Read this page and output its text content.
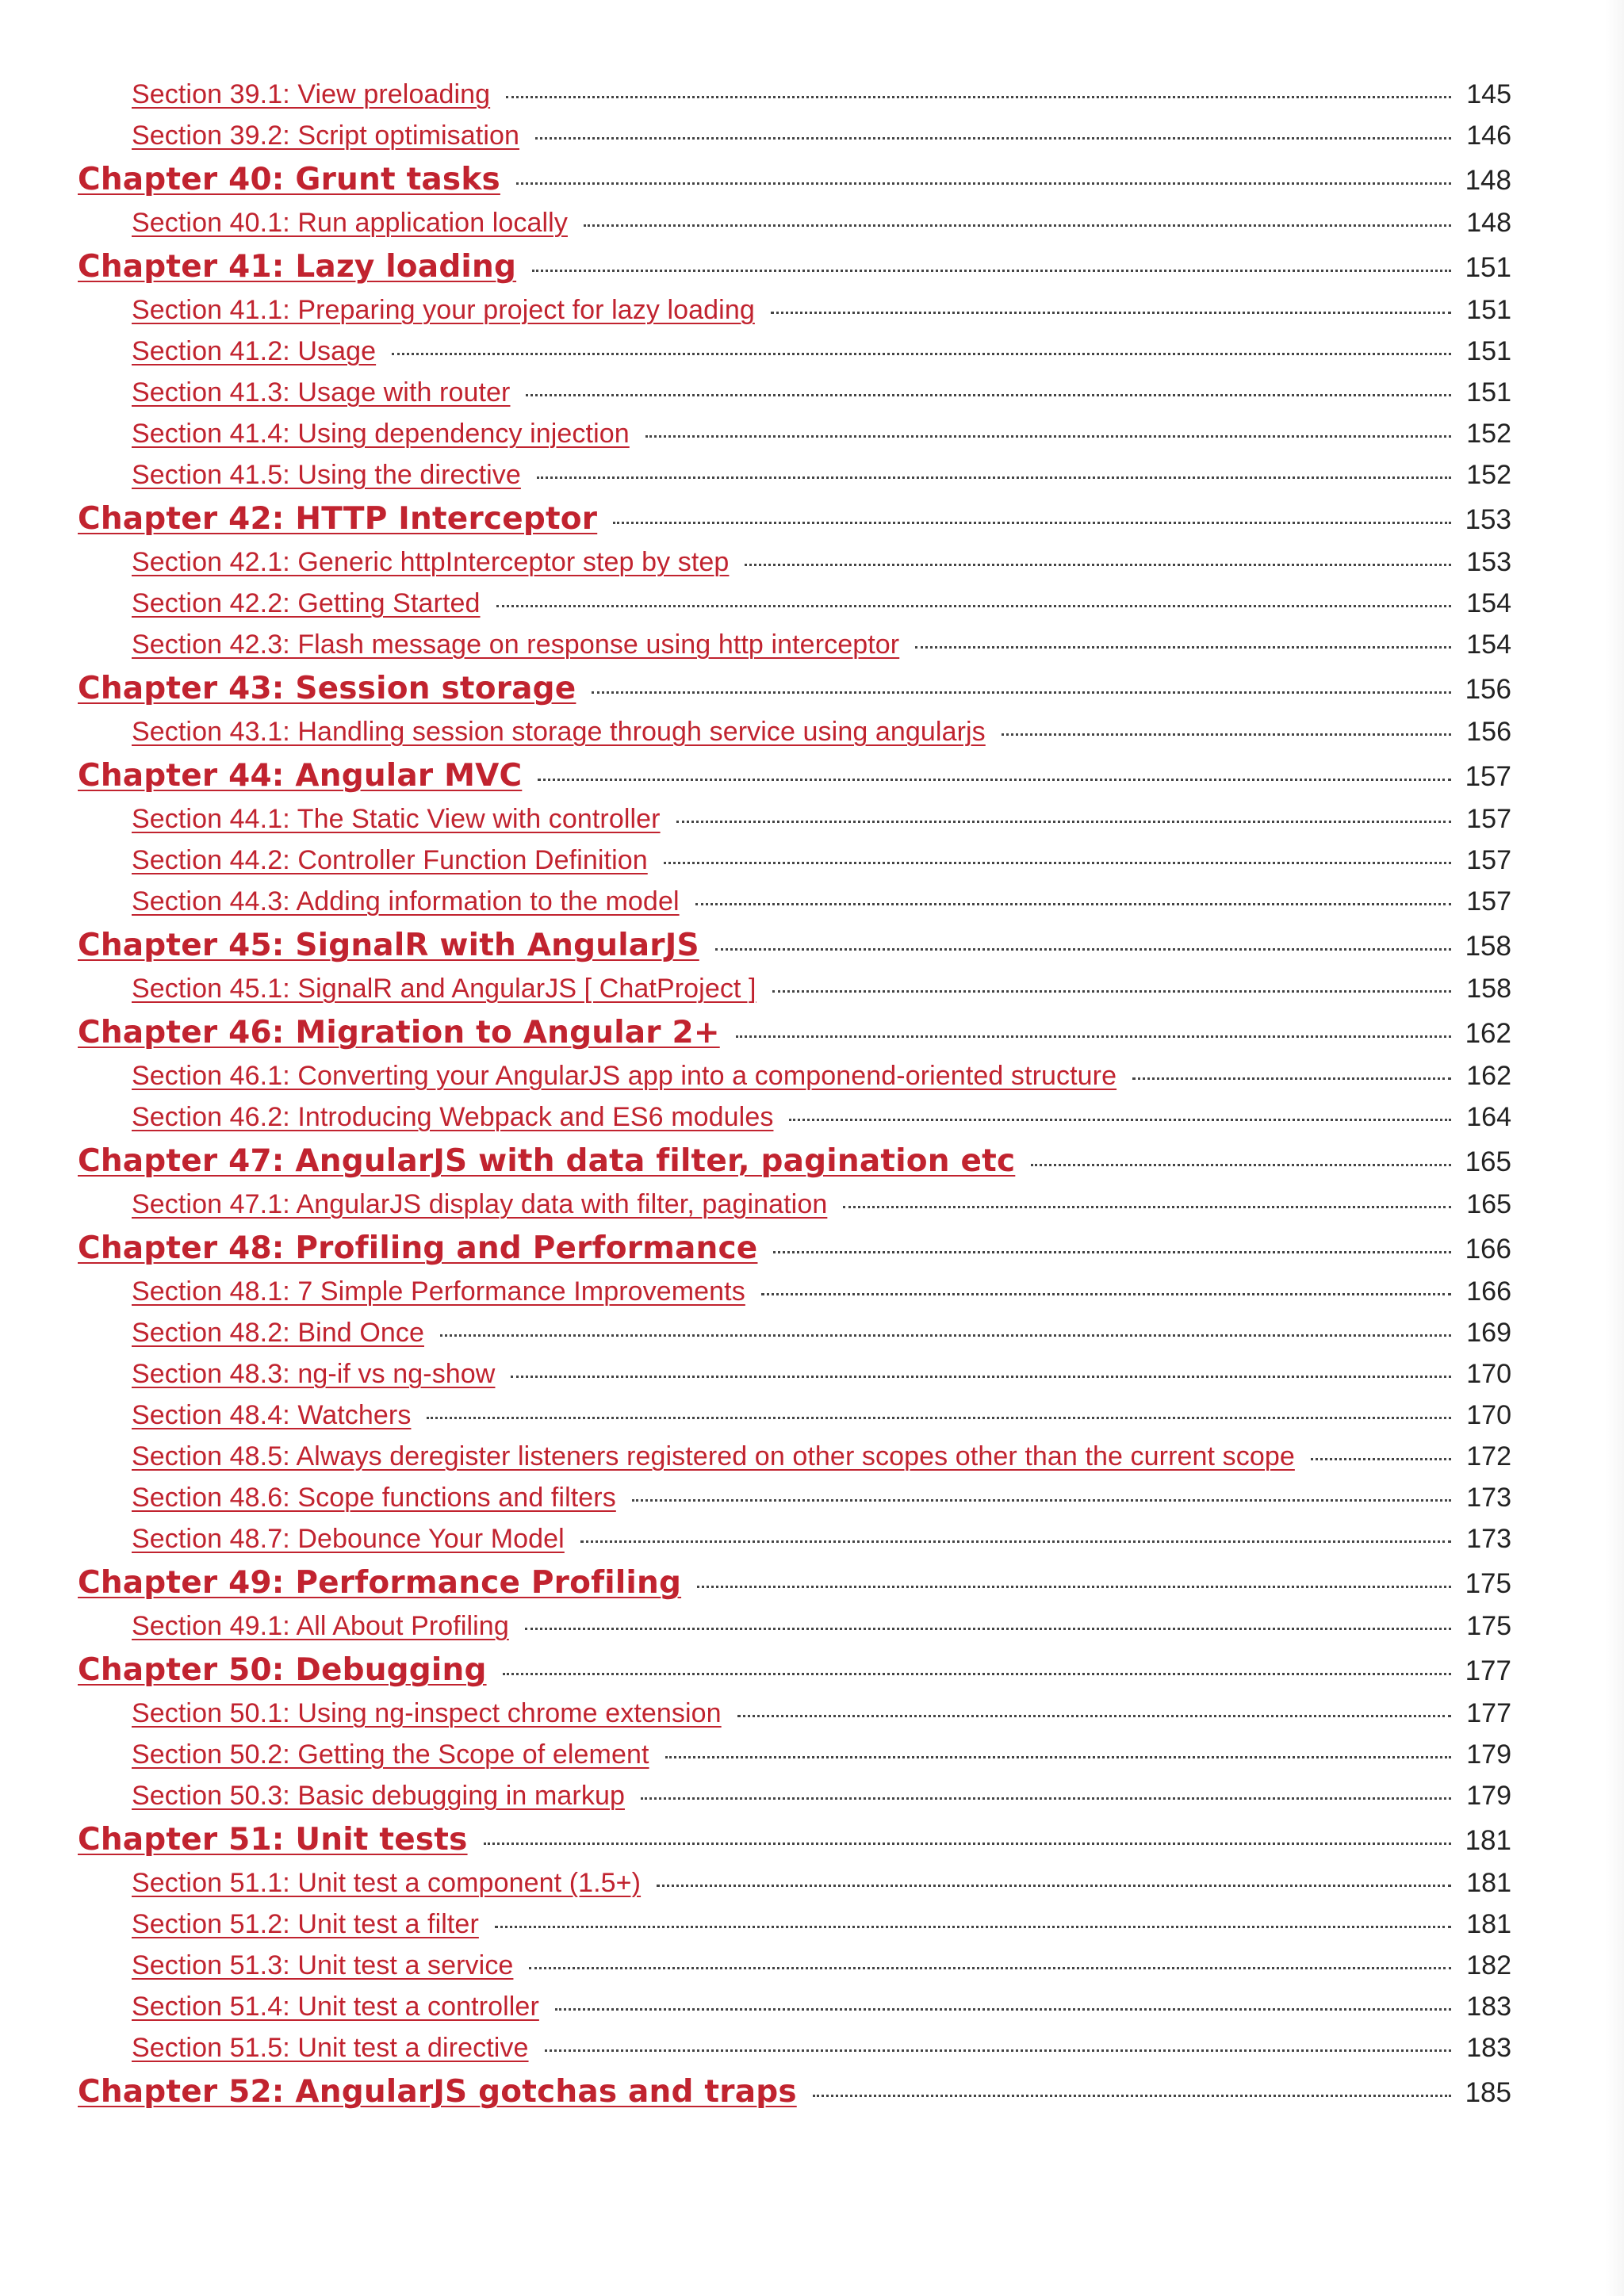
Section 39.1: View preloading	145
Section 39.2: Script optimisation	146
Chapter 40: Grunt tasks	148
Section 40.1: Run application locally	148
Chapter 41: Lazy loading	151
Section 41.1: Preparing your project for lazy loading	151
Section 41.2: Usage	151
Section 41.3: Usage with router	151
Section 41.4: Using dependency injection	152
Section 41.5: Using the directive	152
Chapter 42: HTTP Interceptor	153
Section 42.1: Generic httpInterceptor step by step	153
Section 42.2: Getting Started	154
Section 42.3: Flash message on response using http interceptor	154
Chapter 43: Session storage	156
Section 43.1: Handling session storage through service using angularjs	156
Chapter 44: Angular MVC	157
Section 44.1: The Static View with controller	157
Section 44.2: Controller Function Definition	157
Section 44.3: Adding information to the model	157
Chapter 45: SignalR with AngularJS	158
Section 45.1: SignalR and AngularJS [ ChatProject ]	158
Chapter 46: Migration to Angular 2+	162
Section 46.1: Converting your AngularJS app into a componend-oriented structure	162
Section 46.2: Introducing Webpack and ES6 modules	164
Chapter 47: AngularJS with data filter, pagination etc	165
Section 47.1: AngularJS display data with filter, pagination	165
Chapter 48: Profiling and Performance	166
Section 48.1: 7 Simple Performance Improvements	166
Section 48.2: Bind Once	169
Section 48.3: ng-if vs ng-show	170
Section 48.4: Watchers	170
Section 48.5: Always deregister listeners registered on other scopes other than the current scope	172
Section 48.6: Scope functions and filters	173
Section 48.7: Debounce Your Model	173
Chapter 49: Performance Profiling	175
Section 49.1: All About Profiling	175
Chapter 50: Debugging	177
Section 50.1: Using ng-inspect chrome extension	177
Section 50.2: Getting the Scope of element	179
Section 50.3: Basic debugging in markup	179
Chapter 51: Unit tests	181
Section 51.1: Unit test a component (1.5+)	181
Section 51.2: Unit test a filter	181
Section 51.3: Unit test a service	182
Section 51.4: Unit test a controller	183
Section 51.5: Unit test a directive	183
Chapter 52: AngularJS gotchas and traps	185
